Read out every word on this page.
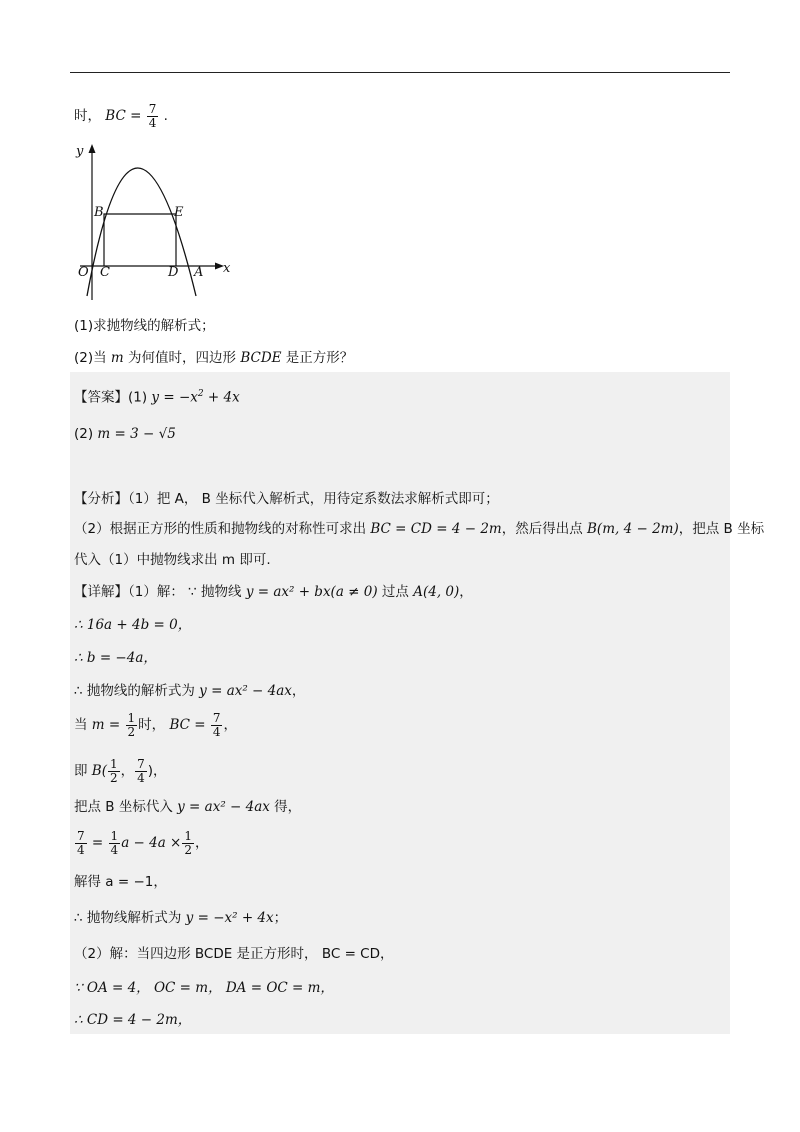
时， BC = $\frac{7}{4}$ .
y
x
O
B	E
C	D A
(1)求抛物线的解析式；
(2)当 m 为何值时，四边形 BCDE 是正方形？
【答案】(1) $y = -x^2 + 4x$
(2) m = 3 − √5
【分析】（1）把 A， B 坐标代入解析式，用待定系数法求解析式即可；
（2）根据正方形的性质和抛物线的对称性可求出 BC = CD = 4 − 2m，然后得出点 B(m, 4 − 2m)，把点 B 坐标
代入（1）中抛物线求出 m 即可.
【详解】（1）解： ∵ 抛物线 y = ax² + bx(a ≠ 0) 过点 A(4, 0)，
∴ 16a + 4b = 0，
∴ b = −4a，
∴ 抛物线的解析式为 y = ax² − 4ax，
当 $m = \frac{1}{2}$ 时， BC = $\frac{7}{4}$ ，
即 $B( \frac{1}{2}$ ， $\frac{7}{4}$ )，
把点 B 坐标代入 y = ax² − 4ax 得，
$\frac{7}{4} = \frac{1}{4}$ $a - 4a \times \frac{1}{2}$ ，
解得 a = −1，
∴ 抛物线解析式为 y = −x² + 4x；
（2）解：当四边形 BCDE 是正方形时， BC = CD，
∵ OA = 4， OC = m， DA = OC = m，
∴ CD = 4 − 2m，
